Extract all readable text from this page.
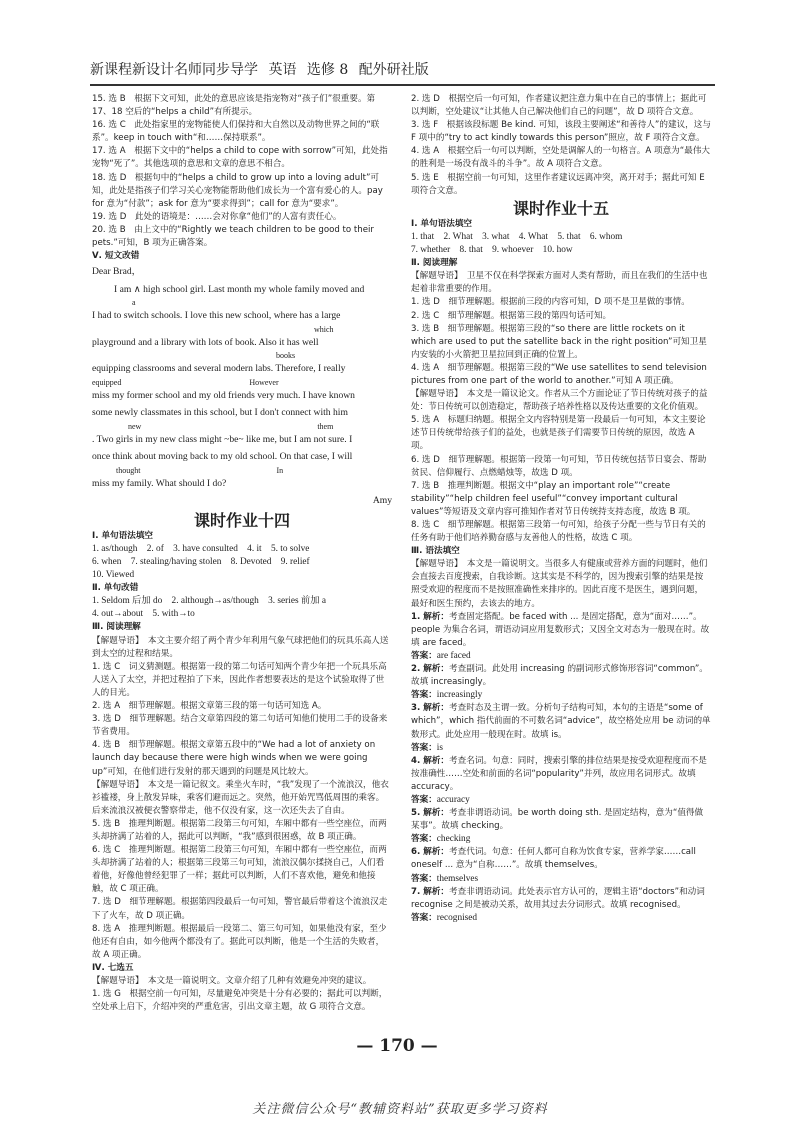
新课程新设计名师同步导学 英语 选修 8 配外研社版

15. 选 B　根据下文可知，此处的意思应该是指宠物对“孩子们”很重要。第 17、18 空后的“helps a child”有所提示。

16. 选 C　此处指家里的宠物能使人们保持和大自然以及动物世界之间的“联系”。keep in touch with“和……保持联系”。

17. 选 A　根据下文中的“helps a child to cope with sorrow”可知，此处指宠物“死了”。其他选项的意思和文章的意思不相合。

18. 选 D　根据句中的“helps a child to grow up into a loving adult”可知，此处是指孩子们学习关心宠物能帮助他们成长为一个富有爱心的人。pay for 意为“付款”；ask for 意为“要求得到”；call for 意为“要求”。

19. 选 D　此处的语境是：……会对你拿“他们”的人富有责任心。

20. 选 B　由上文中的“Rightly we teach children to be good to their pets.”可知，B 项为正确答案。

Ⅴ. 短文改错

Dear Brad，

I am ∧ high school girl. Last month my whole family moved and

a

I had to switch schools. I love this new school, where has a large

which

playground and a library with lots of book. Also it has well

books

equipping classrooms and several modern labs. Therefore, I really

equipped　　　　　　　　　　　　　　　　However

miss my former school and my old friends very much. I have known

some newly classmates in this school, but I don't connect with him

new　　　　　　　　　　　　　　　　　　　　　　them

. Two girls in my new class might ~be~ like me, but I am not sure. I

once think about moving back to my old school. On that case, I will

thought　　　　　　　　　　　　　　　　　In

miss my family. What should I do?

Amy

课时作业十四

Ⅰ. 单句语法填空

1. as/though　2. of　3. have consulted　4. it　5. to solve

6. when　7. stealing/having stolen　8. Devoted　9. relief

10. Viewed

Ⅱ. 单句改错

1. Seldom 后加 do　2. although→as/though　3. series 前加 a

4. out→about　5. with→to

Ⅲ. 阅读理解

【解题导语】　本文主要介绍了两个青少年利用气象气球把他们的玩具乐高人送到太空的过程和结果。

1. 选 C　词义猜测题。根据第一段的第二句话可知两个青少年把一个玩具乐高人送入了太空，并把过程拍了下来，因此作者想要表达的是这个试验取得了世人的目光。

2. 选 A　细节理解题。根据文章第三段的第一句话可知选 A。

3. 选 D　细节理解题。结合文章第四段的第二句话可知他们使用二手的设备来节省费用。

4. 选 B　细节理解题。根据文章第五段中的“We had a lot of anxiety on launch day because there were high winds when we were going up”可知，在他们进行发射的那天遇到的问题是风比较大。

【解题导语】　本文是一篇记叙文。乘坐火车时，“我”发现了一个流浪汉，他衣衫褴褛，身上散发异味，乘客们避而远之。突然，他开始咒骂低周围的乘客。后来流浪汉被便衣警察带走，他不仅没有家，这一次还失去了自由。

5. 选 B　推理判断题。根据第二段第三句可知，车厢中都有一些空座位，而两头却挤满了站着的人，据此可以判断，“我”感到很困惑，故 B 项正确。

6. 选 C　推理判断题。根据第二段第三句可知，车厢中都有一些空座位，而两头却挤满了站着的人；根据第三段第三句可知，流浪汉偶尔揉挠自己，人们看着他，好像他曾经犯罪了一样；据此可以判断，人们不喜欢他，避免和他接触，故 C 项正确。

7. 选 D　细节理解题。根据第四段最后一句可知，警官最后带着这个流浪汉走下了火车，故 D 项正确。

8. 选 A　推理判断题。根据最后一段第二、第三句可知，如果他没有家，至少他还有自由，如今他两个都没有了。据此可以判断，他是一个生活的失败者，故 A 项正确。

Ⅳ. 七选五

【解题导语】　本文是一篇说明文。文章介绍了几种有效避免冲突的建议。

1. 选 G　根据空前一句可知，尽量避免冲突是十分有必要的；据此可以判断，空处承上启下，介绍冲突的严重危害，引出文章主题，故 G 项符合文意。

2. 选 D　根据空后一句可知，作者建议把注意力集中在自己的事情上；据此可以判断，空处建议“让其他人自己解决他们自己的问题”，故 D 项符合文意。

3. 选 F　根据该段标题 Be kind. 可知，该段主要阐述“和善待人”的建议，这与 F 项中的“try to act kindly towards this person”照应，故 F 项符合文意。

4. 选 A　根据空后一句可以判断，空处是调解人的一句格言。A 项意为“最伟大的胜利是一场没有战斗的斗争”。故 A 项符合文意。

5. 选 E　根据空前一句可知，这里作者建议远离冲突，离开对手；据此可知 E 项符合文意。

课时作业十五

Ⅰ. 单句语法填空

1. that　2. What　3. what　4. What　5. that　6. whom

7. whether　8. that　9. whoever　10. how

Ⅱ. 阅读理解

【解题导语】　卫星不仅在科学探索方面对人类有帮助，而且在我们的生活中也起着非常重要的作用。

1. 选 D　细节理解题。根据前三段的内容可知，D 项不是卫星做的事情。

2. 选 C　细节理解题。根据第三段的第四句话可知。

3. 选 B　细节理解题。根据第三段的“so there are little rockets on it which are used to put the satellite back in the right position”可知卫星内安装的小火箭把卫星拉回到正确的位置上。

4. 选 A　细节理解题。根据第三段的“We use satellites to send television pictures from one part of the world to another.”可知 A 项正确。

【解题导语】　本文是一篇议论文。作者从三个方面论证了节日传统对孩子的益处：节日传统可以创造稳定，帮助孩子培养性格以及传达重要的文化价值观。

5. 选 A　标题归纳题。根据全文内容特别是第一段最后一句可知，本文主要论述节日传统带给孩子们的益处，也就是孩子们需要节日传统的原因，故选 A 项。

6. 选 D　细节理解题。根据第一段第一句可知，节日传统包括节日宴会、帮助贫民、信仰履行、点燃蜡烛等，故选 D 项。

7. 选 B　推理判断题。根据文中“play an important role”“create stability”“help children feel useful”“convey important cultural values”等短语及文章内容可推知作者对节日传统持支持态度，故选 B 项。

8. 选 C　细节理解题。根据第三段第一句可知，给孩子分配一些与节日有关的任务有助于他们培养勤奋感与友善他人的性格，故选 C 项。

Ⅲ. 语法填空

【解题导语】　本文是一篇说明文。当很多人有健康或营养方面的问题时，他们会直接去百度搜索，自我诊断。这其实是不科学的，因为搜索引擎的结果是按照受欢迎的程度而不是按照准确性来排序的。因此百度不是医生，遇到问题，最好和医生预约，去该去的地方。

1. 解析：考查固定搭配。be faced with ... 是固定搭配，意为“面对……”。people 为集合名词，谓语动词应用复数形式；又因全文对态为一般现在时。故填 are faced。

答案：are faced

2. 解析：考查副词。此处用 increasing 的副词形式修饰形容词“common”。故填 increasingly。

答案：increasingly

3. 解析：考查时态及主谓一致。分析句子结构可知，本句的主语是“some of which”，which 指代前面的不可数名词“advice”，故空格处应用 be 动词的单数形式。此处应用一般现在时。故填 is。

答案：is

4. 解析：考查名词。句意：同时，搜索引擎的排位结果是按受欢迎程度而不是按准确性……空处和前面的名词“popularity”并列，故应用名词形式。故填 accuracy。

答案：accuracy

5. 解析：考查非谓语动词。be worth doing sth. 是固定结构，意为“值得做某事”。故填 checking。

答案：checking

6. 解析：考查代词。句意：任何人都可自称为饮食专家，营养学家……call oneself ... 意为“自称……”。故填 themselves。

答案：themselves

7. 解析：考查非谓语动词。此处表示官方认可的，逻辑主语“doctors”和动词 recognise 之间是被动关系，故用其过去分词形式。故填 recognised。

答案：recognised

— 170 —
关注微信公众号“教辅资料站”获取更多学习资料
